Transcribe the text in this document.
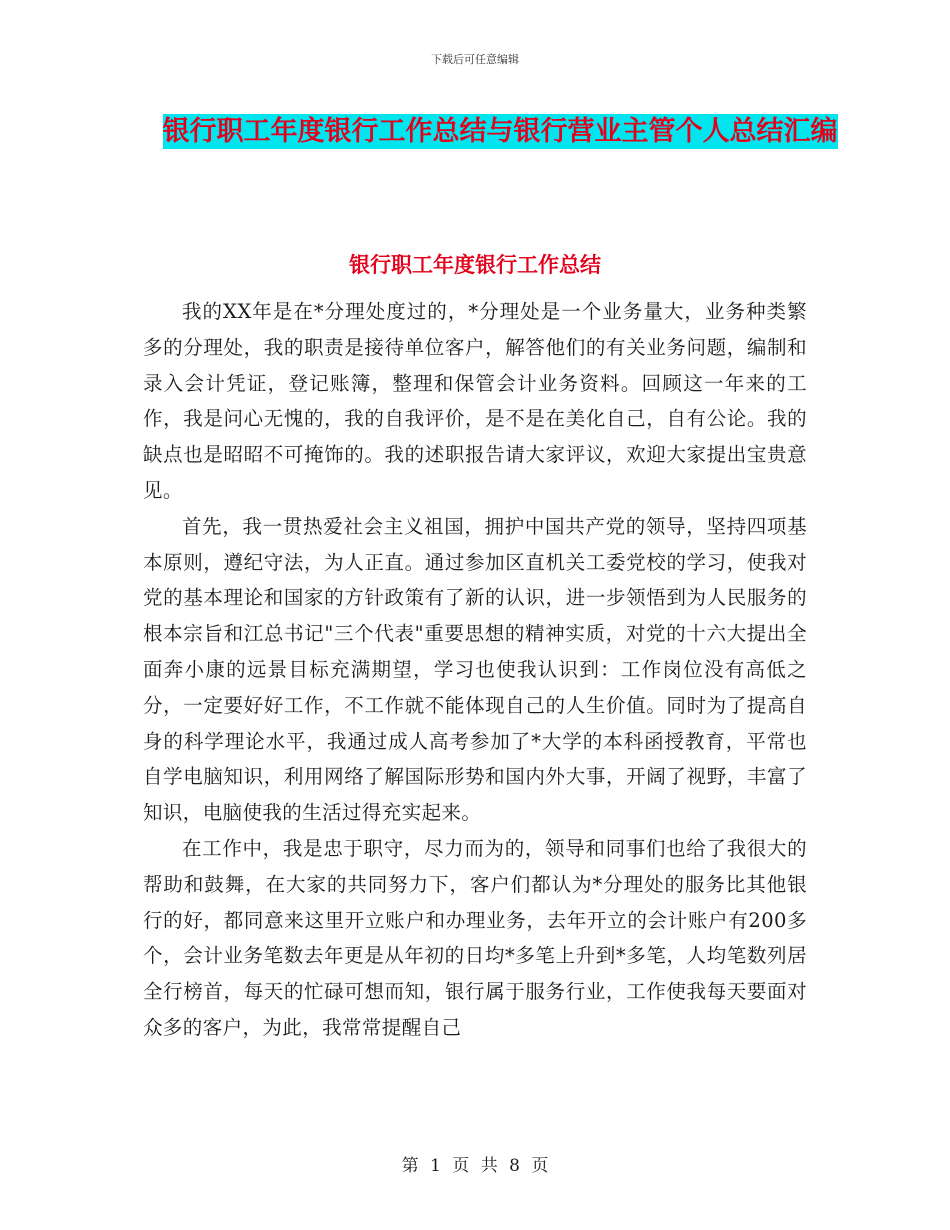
下载后可任意编辑
银行职工年度银行工作总结与银行营业主管个人总结汇编
银行职工年度银行工作总结

我的XX年是在*分理处度过的，*分理处是一个业务量大，业务种类繁多的分理处，我的职责是接待单位客户，解答他们的有关业务问题，编制和录入会计凭证，登记账簿，整理和保管会计业务资料。回顾这一年来的工作，我是问心无愧的，我的自我评价，是不是在美化自己，自有公论。我的缺点也是昭昭不可掩饰的。我的述职报告请大家评议，欢迎大家提出宝贵意见。

首先，我一贯热爱社会主义祖国，拥护中国共产党的领导，坚持四项基本原则，遵纪守法，为人正直。通过参加区直机关工委党校的学习，使我对党的基本理论和国家的方针政策有了新的认识，进一步领悟到为人民服务的根本宗旨和江总书记"三个代表"重要思想的精神实质，对党的十六大提出全面奔小康的远景目标充满期望，学习也使我认识到：工作岗位没有高低之分，一定要好好工作，不工作就不能体现自己的人生价值。同时为了提高自身的科学理论水平，我通过成人高考参加了*大学的本科函授教育，平常也自学电脑知识，利用网络了解国际形势和国内外大事，开阔了视野，丰富了知识，电脑使我的生活过得充实起来。

在工作中，我是忠于职守，尽力而为的，领导和同事们也给了我很大的帮助和鼓舞，在大家的共同努力下，客户们都认为*分理处的服务比其他银行的好，都同意来这里开立账户和办理业务，去年开立的会计账户有200多个，会计业务笔数去年更是从年初的日均*多笔上升到*多笔，人均笔数列居全行榜首，每天的忙碌可想而知，银行属于服务行业，工作使我每天要面对众多的客户，为此，我常常提醒自己

第 1 页 共 8 页
